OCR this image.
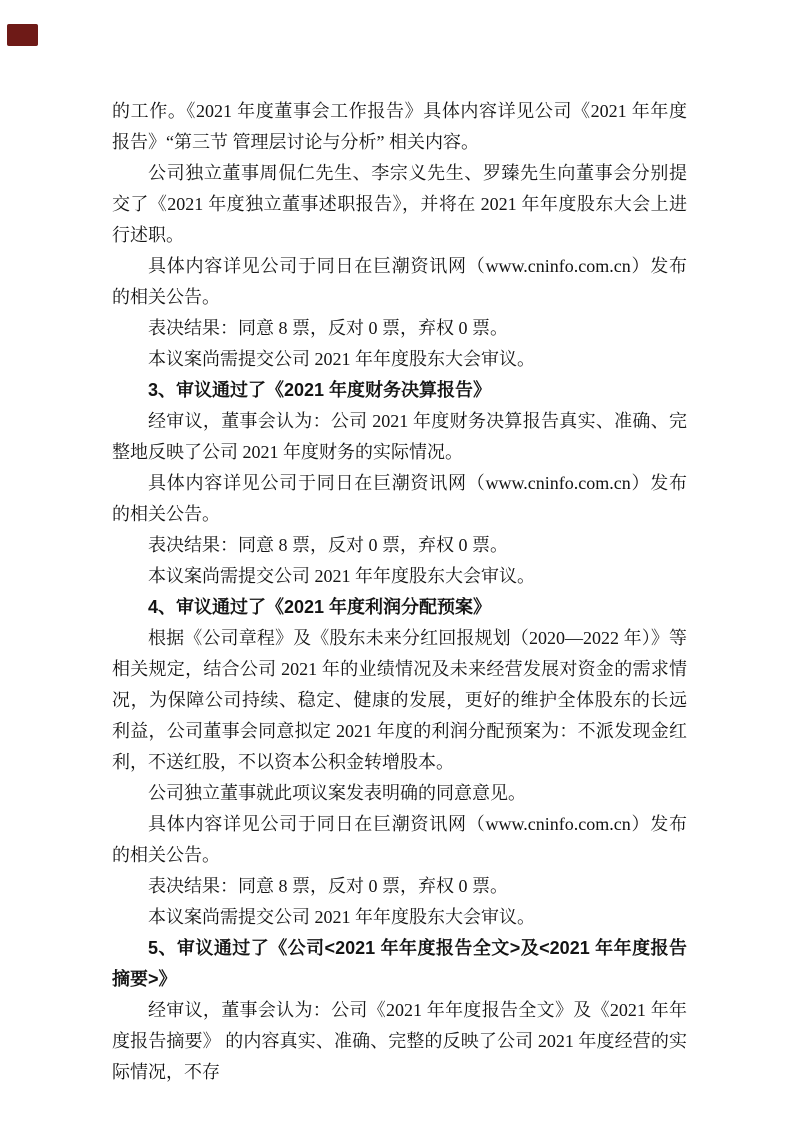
的工作。《2021 年度董事会工作报告》具体内容详见公司《2021 年年度报告》“第三节 管理层讨论与分析” 相关内容。

公司独立董事周侃仁先生、李宗义先生、罗臻先生向董事会分别提交了《2021 年度独立董事述职报告》，并将在 2021 年年度股东大会上进行述职。

具体内容详见公司于同日在巨潮资讯网（www.cninfo.com.cn）发布的相关公告。

表决结果：同意 8 票，反对 0 票，弃权 0 票。

本议案尚需提交公司 2021 年年度股东大会审议。

3、审议通过了《2021 年度财务决算报告》

经审议，董事会认为：公司 2021 年度财务决算报告真实、准确、完整地反映了公司 2021 年度财务的实际情况。

具体内容详见公司于同日在巨潮资讯网（www.cninfo.com.cn）发布的相关公告。

表决结果：同意 8 票，反对 0 票，弃权 0 票。

本议案尚需提交公司 2021 年年度股东大会审议。

4、审议通过了《2021 年度利润分配预案》

根据《公司章程》及《股东未来分红回报规划（2020—2022 年）》等相关规定，结合公司 2021 年的业绩情况及未来经营发展对资金的需求情况，为保障公司持续、稳定、健康的发展，更好的维护全体股东的长远利益，公司董事会同意拟定 2021 年度的利润分配预案为：不派发现金红利，不送红股，不以资本公积金转增股本。

公司独立董事就此项议案发表明确的同意意见。

具体内容详见公司于同日在巨潮资讯网（www.cninfo.com.cn）发布的相关公告。

表决结果：同意 8 票，反对 0 票，弃权 0 票。

本议案尚需提交公司 2021 年年度股东大会审议。

5、审议通过了《公司<2021 年年度报告全文>及<2021 年年度报告摘要>》

经审议，董事会认为：公司《2021 年年度报告全文》及《2021 年年度报告摘要》 的内容真实、准确、完整的反映了公司 2021 年度经营的实际情况，不存
